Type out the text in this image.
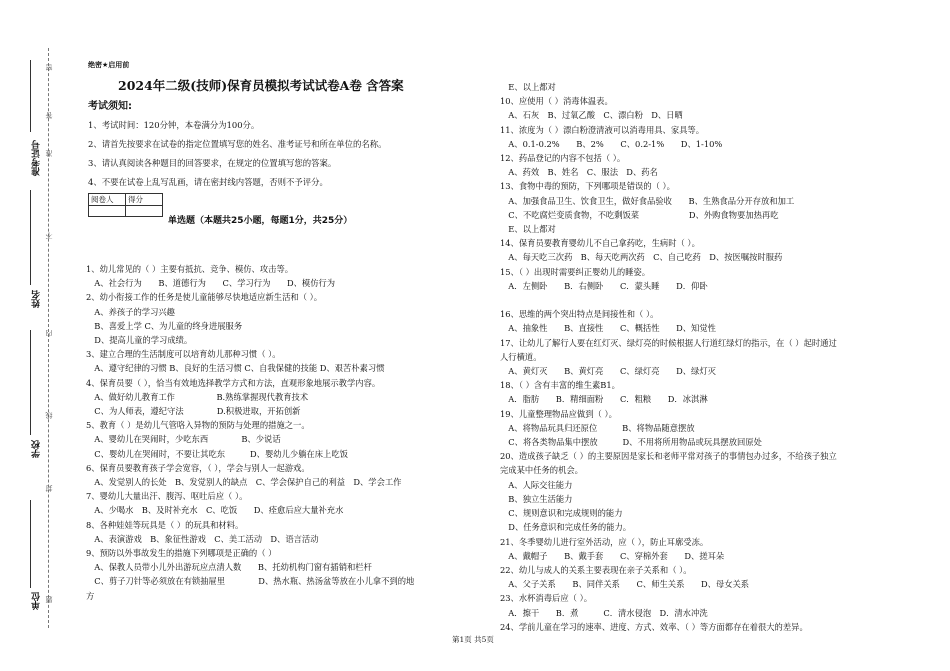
准考证号
姓名
学校
单位
密
封
线
内
不
准
答
题
绝密★启用前
2024年二级(技师)保育员模拟考试试卷A卷 含答案
考试须知:
1、考试时间：120分钟，本卷满分为100分。
2、请首先按要求在试卷的指定位置填写您的姓名、准考证号和所在单位的名称。
3、请认真阅读各种题目的回答要求，在规定的位置填写您的答案。
4、不要在试卷上乱写乱画，请在密封线内答题，否则不予评分。
阅卷人	得分

单选题（本题共25小题，每题1分，共25分）
1、幼儿常见的（ ）主要有抵抗、竞争、模仿、攻击等。
　A、社会行为　　B、道德行为　　C、学习行为　　D、模仿行为
2、幼小衔接工作的任务是使儿童能够尽快地适应新生活和（ ）。
　A、养孩子的学习兴趣
　B、喜爱上学 C、为儿童的终身进展服务
　D、提高儿童的学习成绩。
3、建立合理的生活制度可以培育幼儿那种习惯（ ）。
　A、遵守纪律的习惯 B、良好的生活习惯 C、自我保健的技能 D、艰苦朴素习惯
4、保育员要（ ），恰当有效地选择教学方式和方法，直观形象地展示教学内容。
　A、做好幼儿教育工作　　　　　B.熟练掌握现代教育技术
　C、为人师表，遵纪守法　　　　D.积极进取，开拓创新
5、教育（ ）是幼儿气管咯入异物的预防与处理的措施之一。
　A、婴幼儿在哭闹时，少吃东西　　　　B、少说话
　C、婴幼儿在哭闹时，不要让其吃东　　　D、婴幼儿少躺在床上吃饭
6、保育员要教育孩子学会宽容，（ ），学会与别人一起游戏。
　A、发觉别人的长处　B、发觉别人的缺点　C、学会保护自己的利益　D、学会工作
7、婴幼儿大量出汗、腹泻、呕吐后应（ ）。
　A、少喝水　B、及时补充水　C、吃饭　　D、痊愈后应大量补充水
8、各种娃娃等玩具是（ ）的玩具和材料。
　A、表演游戏　B、象征性游戏　C、美工活动　D、语言活动
9、预防以外事故发生的措施下列哪项是正确的（ ）
　A、保教人员带小儿外出游玩应点清人数　　B、托幼机构门窗有插销和栏杆
　C、剪子刀针等必须放在有锁抽屉里　　　　D、热水瓶、热汤盆等放在小儿拿不到的地
方
　E、以上都对
10、应使用（ ）消毒体温表。
　A、石灰　B、过氧乙酸　C、漂白粉　D、日晒
11、浓度为（ ）漂白粉澄清液可以消毒用具、家具等。
　A、0.1-0.2%　　B、2%　　C、0.2-1%　　D、1-10%
12、药品登记的内容不包括（ ）。
　A、药效　B、姓名　C、服法　D、药名
13、食物中毒的预防，下列哪项是错误的（ ）。
　A、加强食品卫生、饮食卫生，做好食品验收　　B、生熟食品分开存放和加工
　C、不吃腐烂变质食物，不吃剩饭菜　　　　　　D、外购食物要加热再吃
　E、以上都对
14、保育员要教育婴幼儿不自己拿药吃，生病时（ ）。
　A、每天吃三次药　B、每天吃两次药　C、自己吃药　D、按医嘱按时服药
15、（ ）出现时需要纠正婴幼儿的睡姿。
　A．左侧卧　　B．右侧卧　　C．蒙头睡　　D．仰卧

16、思维的两个突出特点是间接性和（ ）。
　A、抽象性　　B、直接性　　C、概括性　　D、知觉性
17、让幼儿了解行人要在红灯灭、绿灯亮的时候根据人行道红绿灯的指示，在（ ）起时通过
人行横道。
　A、黄灯灭　　B、黄灯亮　　C、绿灯亮　　D、绿灯灭
18、（ ）含有丰富的维生素B1。
　A．脂肪　　B．精细面粉　　C．粗粮　　D．冰淇淋
19、儿童整理物品应做到（ ）。
　A、将物品玩具归还原位　　　B、将物品随意摆放
　C、将各类物品集中摆放　　　D、不用将所用物品或玩具摆放回原处
20、造成孩子缺乏（ ）的主要原因是家长和老师平常对孩子的事情包办过多，不给孩子独立
完成某中任务的机会。
　A、人际交往能力
　B、独立生活能力
　C、规则意识和完成规则的能力
　D、任务意识和完成任务的能力。
21、冬季婴幼儿进行室外活动，应（ ），防止耳廓受冻。
　A、戴帽子　　B、戴手套　　C、穿棉外套　　D、搓耳朵
22、幼儿与成人的关系主要表现在亲子关系和（ ）。
　A、父子关系　　B、同伴关系　　C、师生关系　　D、母女关系
23、水杯消毒后应（ ）。
　A．擦干　　B．煮　　　C．清水侵泡　D．清水冲洗
24、学前儿童在学习的速率、进度、方式、效率、（ ）等方面都存在着很大的差异。
第1页 共5页
